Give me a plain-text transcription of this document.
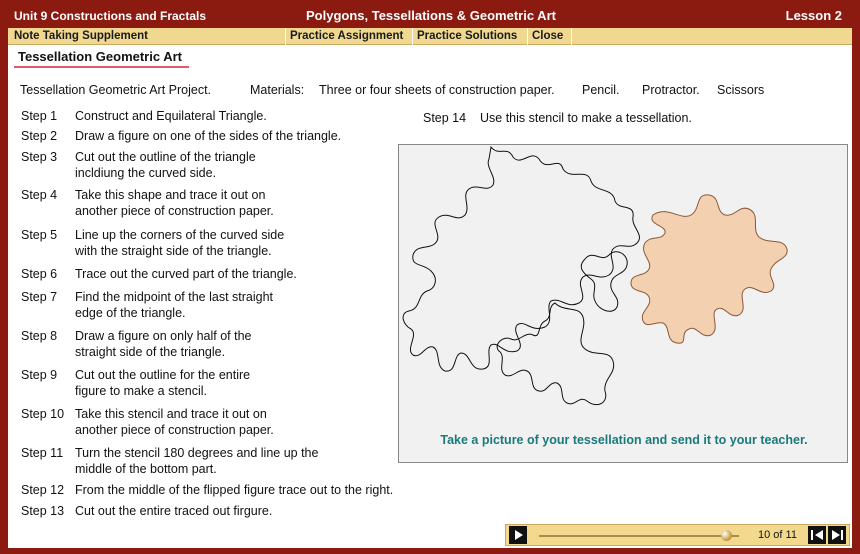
Unit 9 Constructions and Fractals	Polygons, Tessellations & Geometric Art	Lesson 2
Note Taking Supplement	Practice Assignment	Practice Solutions	Close
Tessellation Geometric Art
Tessellation Geometric Art Project.	Materials: Three or four sheets of construction paper. Pencil. Protractor. Scissors
Step 1 Construct and Equilateral Triangle.
Step 2 Draw a figure on one of the sides of the triangle.
Step 3 Cut out the outline of the triangle
incldiung the curved side.
Step 4 Take this shape and trace it out on
another piece of construction paper.
Step 5 Line up the corners of the curved side
with the straight side of the triangle.
Step 6 Trace out the curved part of the triangle.
Step 7 Find the midpoint of the last straight
edge of the triangle.
Step 8 Draw a figure on only half of the
straight side of the triangle.
Step 9 Cut out the outline for the entire
figure to make a stencil.
Step 10 Take this stencil and trace it out on
another piece of construction paper.
Step 11 Turn the stencil 180 degrees and line up the
middle of the bottom part.
Step 12 From the middle of the flipped figure trace out to the right.
Step 13 Cut out the entire traced out firgure.
Step 14 Use this stencil to make a tessellation.
Take a picture of your tessellation and send it to your teacher.
10 of 11
